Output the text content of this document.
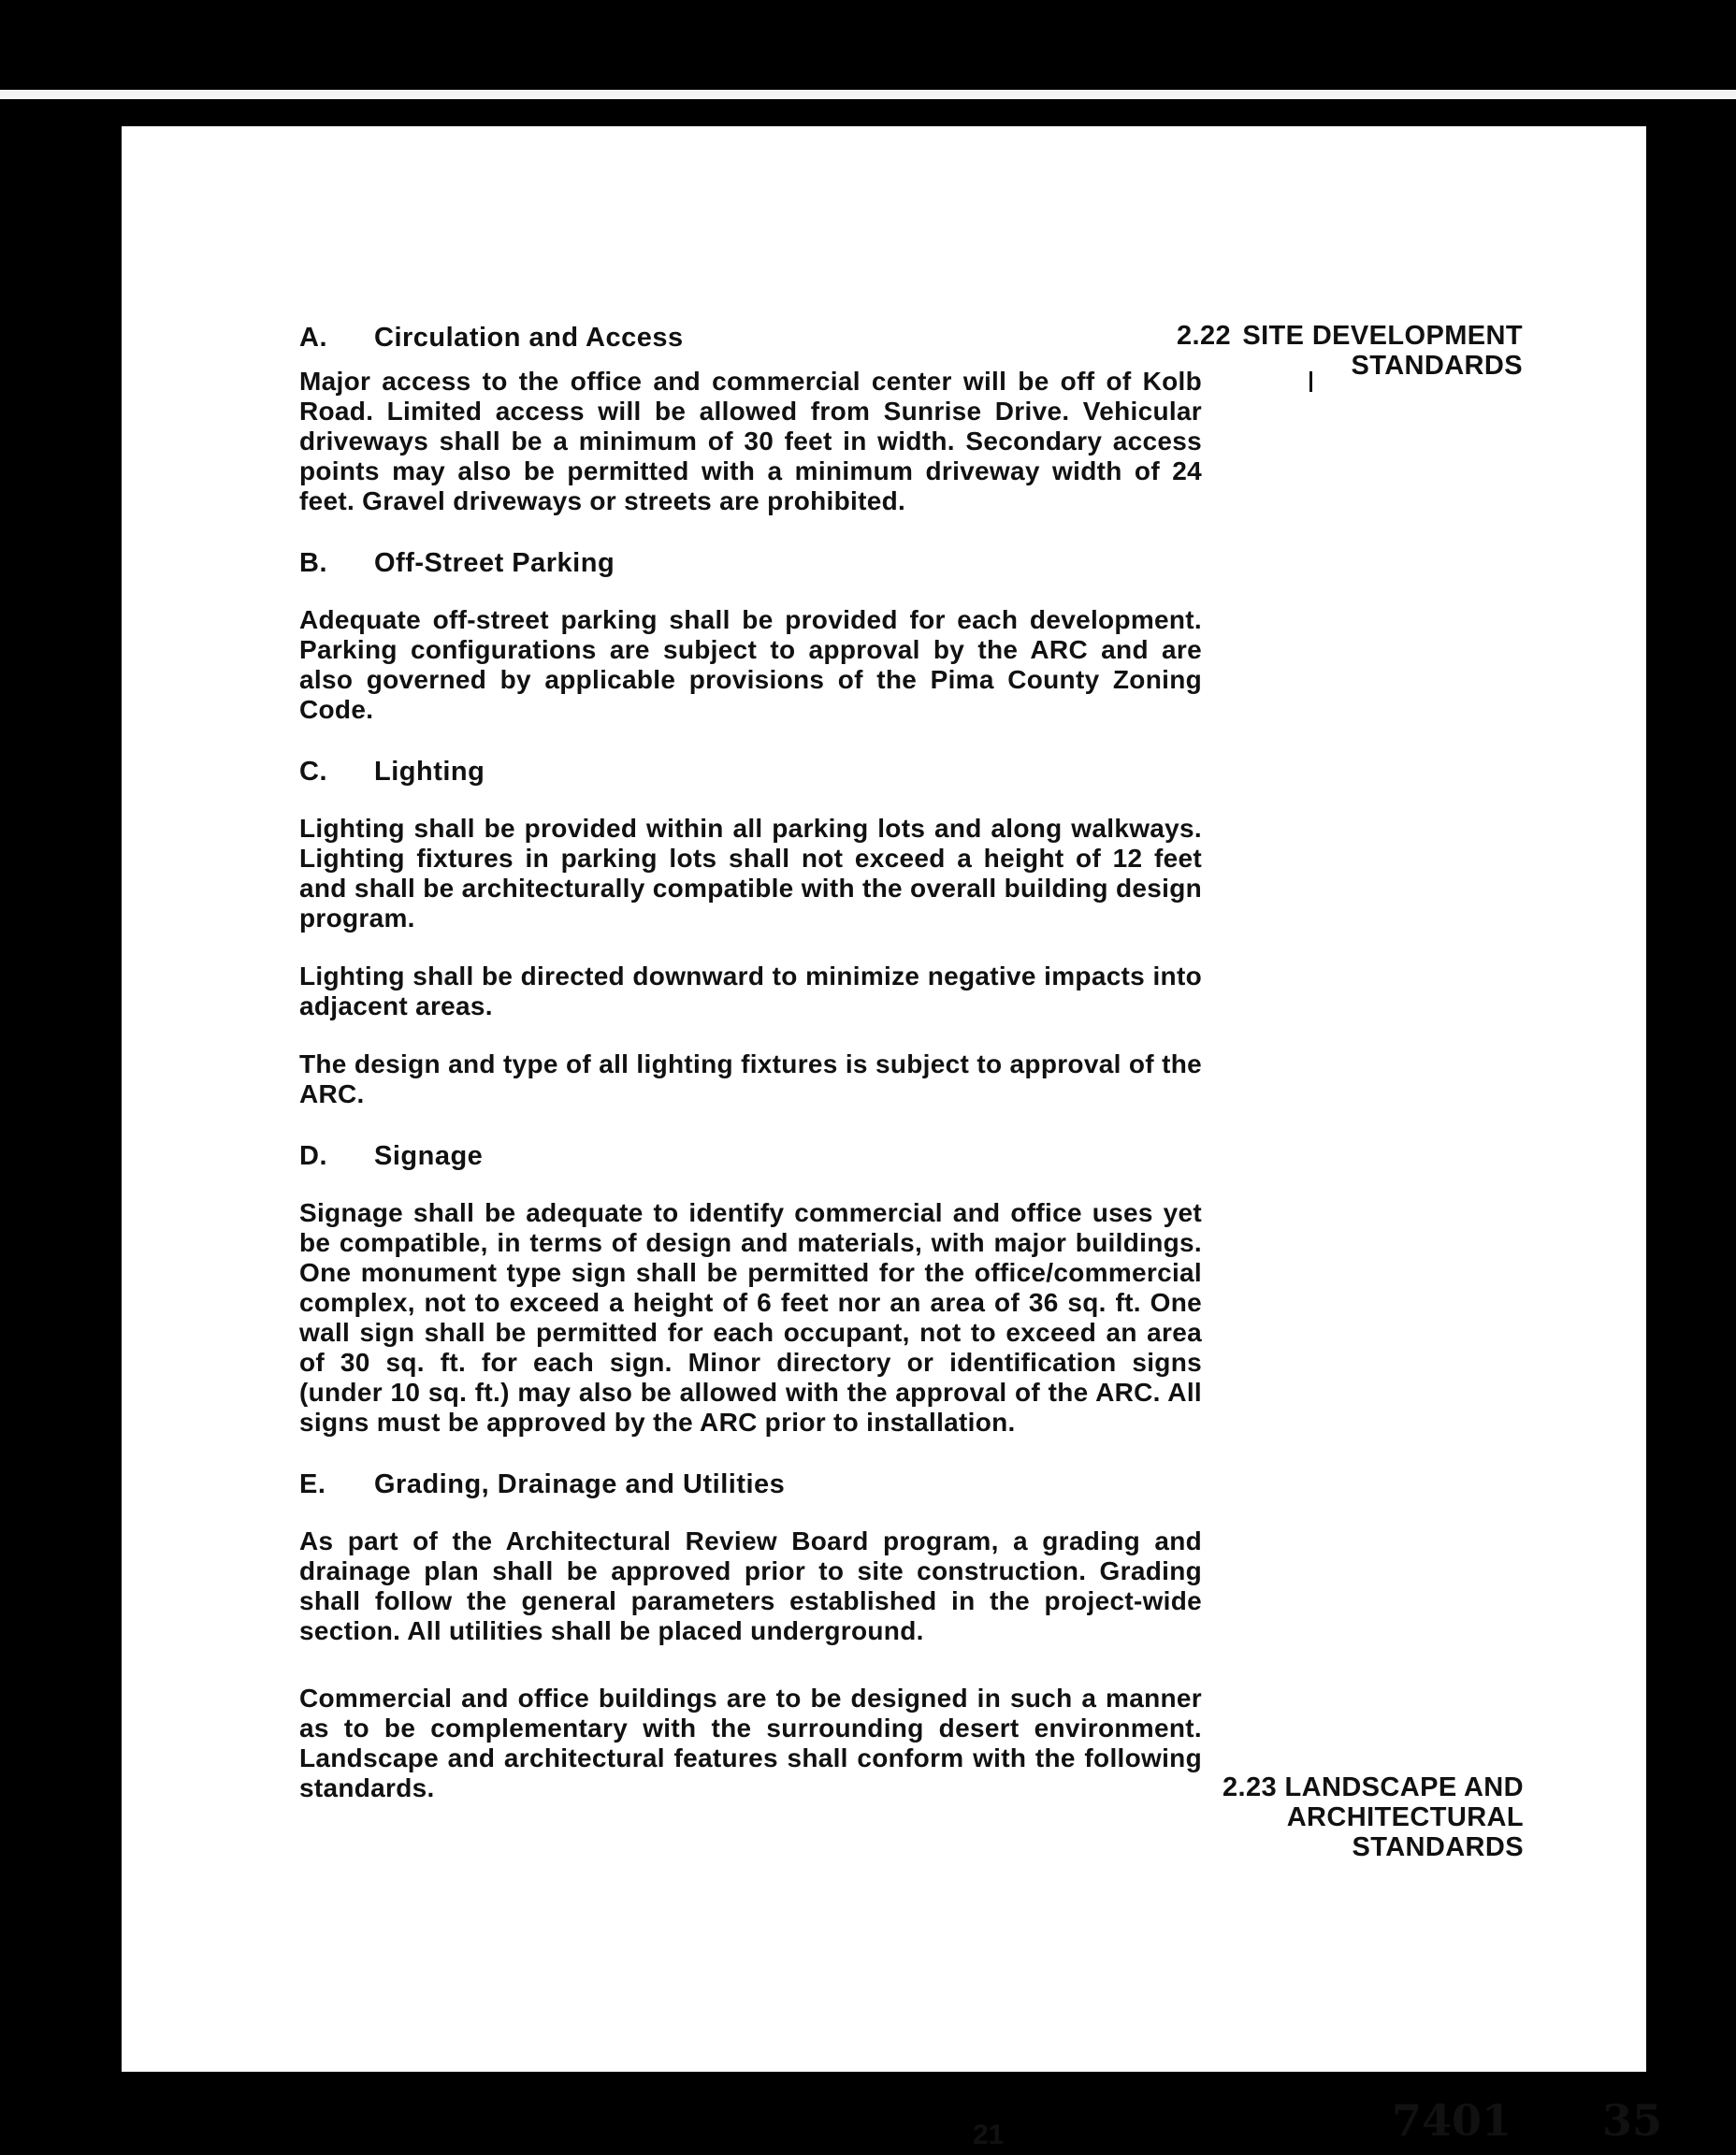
2.22 SITE DEVELOPMENT
STANDARDS
A. Circulation and Access

Major access to the office and commercial center will be off of Kolb Road. Limited access will be allowed from Sunrise Drive. Vehicular driveways shall be a minimum of 30 feet in width. Secondary access points may also be permitted with a minimum driveway width of 24 feet. Gravel driveways or streets are prohibited.

B. Off-Street Parking

Adequate off-street parking shall be provided for each development. Parking configurations are subject to approval by the ARC and are also governed by applicable provisions of the Pima County Zoning Code.

C. Lighting

Lighting shall be provided within all parking lots and along walkways. Lighting fixtures in parking lots shall not exceed a height of 12 feet and shall be architecturally compatible with the overall building design program.

Lighting shall be directed downward to minimize negative impacts into adjacent areas.

The design and type of all lighting fixtures is subject to approval of the ARC.

D. Signage

Signage shall be adequate to identify commercial and office uses yet be compatible, in terms of design and materials, with major buildings. One monument type sign shall be permitted for the office/commercial complex, not to exceed a height of 6 feet nor an area of 36 sq. ft. One wall sign shall be permitted for each occupant, not to exceed an area of 30 sq. ft. for each sign. Minor directory or identification signs (under 10 sq. ft.) may also be allowed with the approval of the ARC. All signs must be approved by the ARC prior to installation.

E. Grading, Drainage and Utilities

As part of the Architectural Review Board program, a grading and drainage plan shall be approved prior to site construction. Grading shall follow the general parameters established in the project-wide section. All utilities shall be placed underground.

Commercial and office buildings are to be designed in such a manner as to be complementary with the surrounding desert environment. Landscape and architectural features shall conform with the following standards.	2.23 LANDSCAPE AND
ARCHITECTURAL
STANDARDS
21	7401 35
